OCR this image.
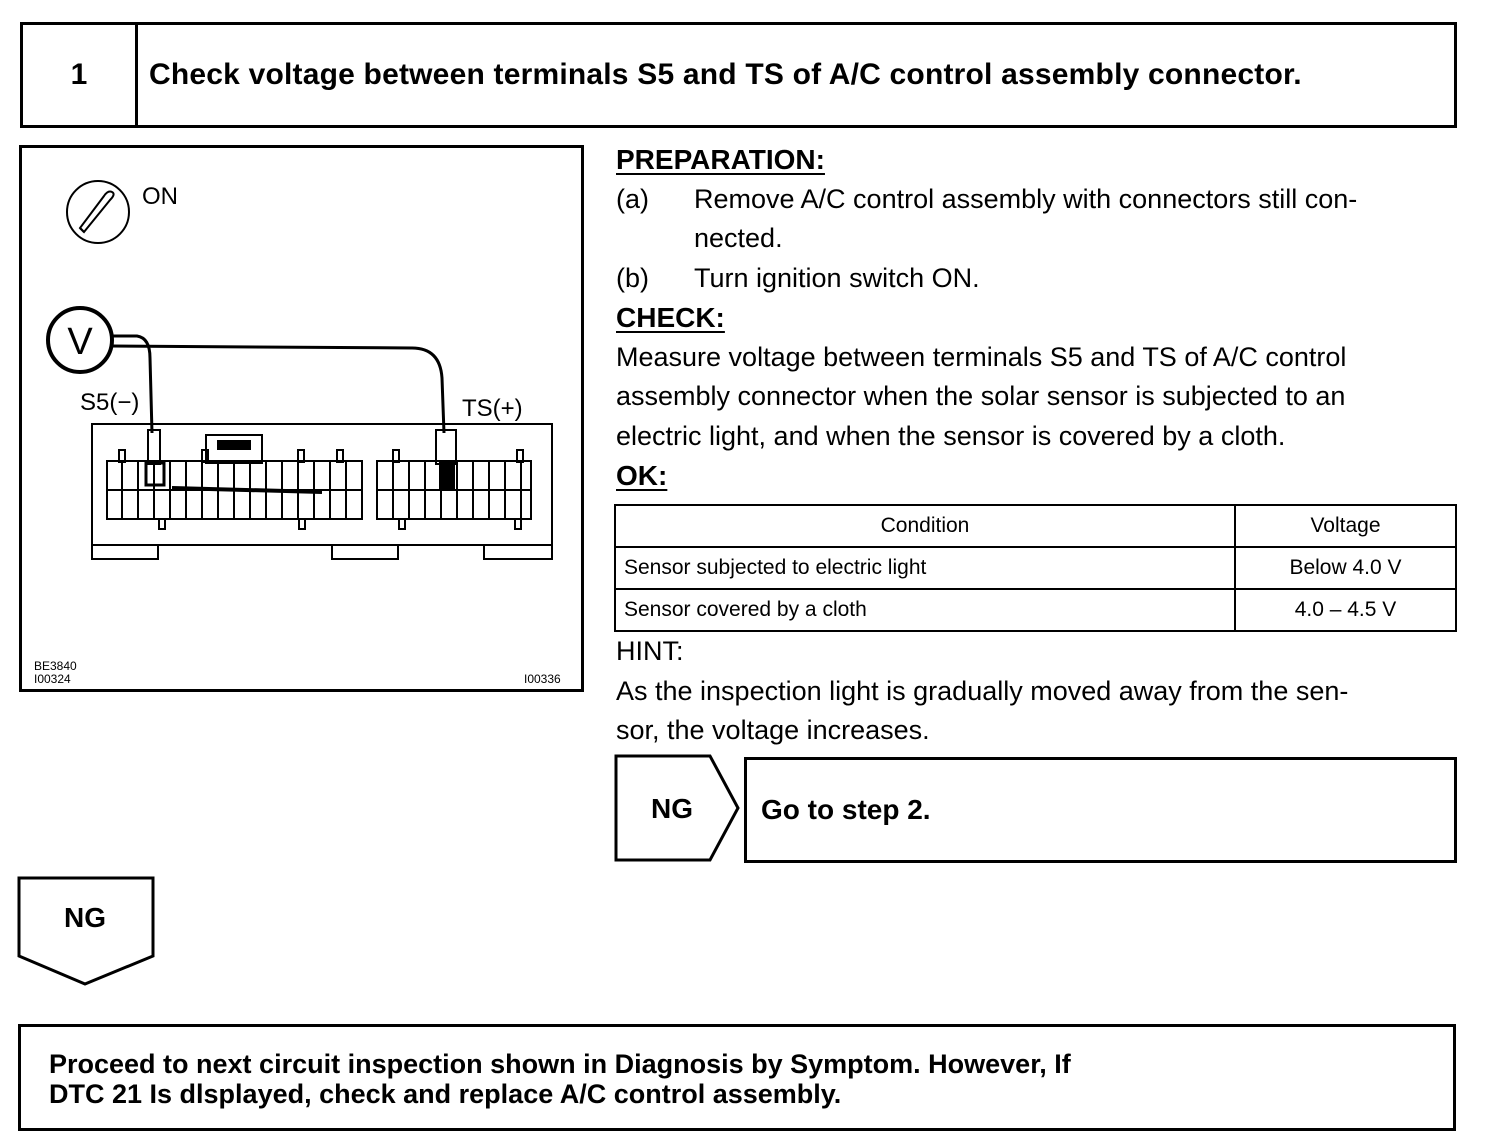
1	Check voltage between terminals S5 and TS of A/C control assembly connector.
ON
V
S5(−)	TS(+)
BE3840
I00324	I00336
PREPARATION:
(a) Remove A/C control assembly with connectors still con-
nected.
(b) Turn ignition switch ON.
CHECK:
Measure voltage between terminals S5 and TS of A/C control
assembly connector when the solar sensor is subjected to an
electric light, and when the sensor is covered by a cloth.
OK:
Condition	Voltage
Sensor subjected to electric light	Below 4.0 V
Sensor covered by a cloth	4.0 – 4.5 V
HINT:
As the inspection light is gradually moved away from the sen-
sor, the voltage increases.
NG	Go to step 2.
NG
Proceed to next circuit inspection shown in Diagnosis by Symptom. However, If
DTC 21 Is dlsplayed, check and replace A/C control assembly.
